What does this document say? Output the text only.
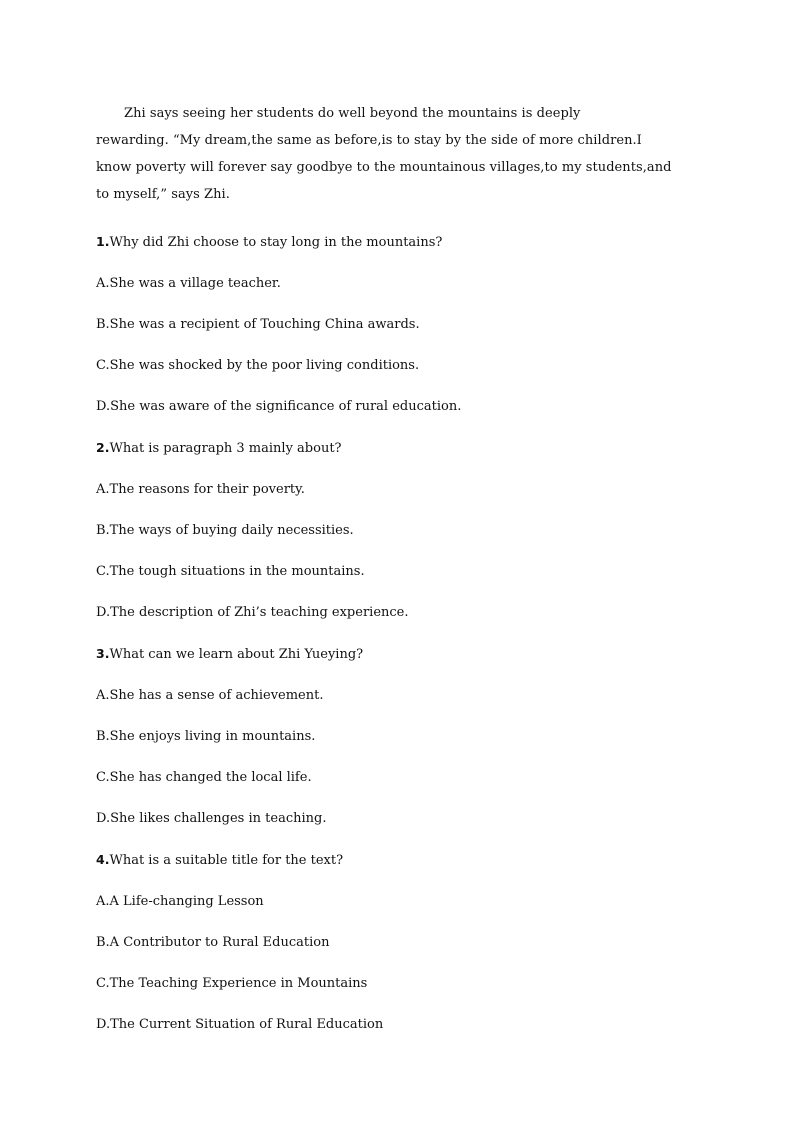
Zhi says seeing her students do well beyond the mountains is deeply

rewarding. “My dream,the same as before,is to stay by the side of more children.I

know poverty will forever say goodbye to the mountainous villages,to my students,and

to myself,” says Zhi.

1.Why did Zhi choose to stay long in the mountains?

A.She was a village teacher.

B.She was a recipient of Touching China awards.

C.She was shocked by the poor living conditions.

D.She was aware of the significance of rural education.

2.What is paragraph 3 mainly about?

A.The reasons for their poverty.

B.The ways of buying daily necessities.

C.The tough situations in the mountains.

D.The description of Zhi’s teaching experience.

3.What can we learn about Zhi Yueying?

A.She has a sense of achievement.

B.She enjoys living in mountains.

C.She has changed the local life.

D.She likes challenges in teaching.

4.What is a suitable title for the text?

A.A Life-changing Lesson

B.A Contributor to Rural Education

C.The Teaching Experience in Mountains

D.The Current Situation of Rural Education
